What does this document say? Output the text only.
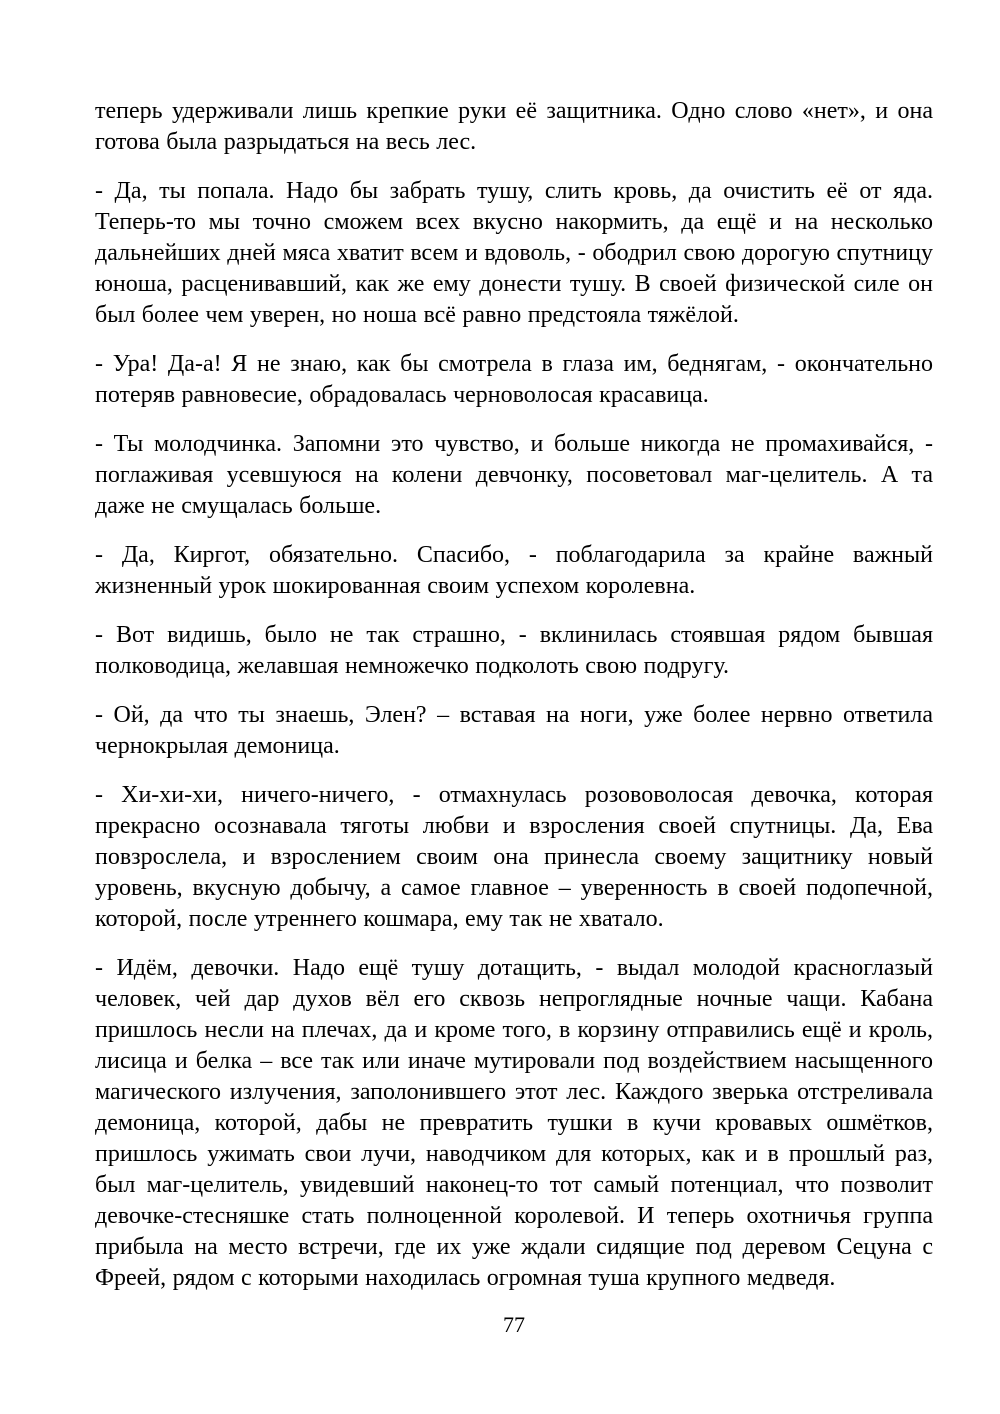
теперь удерживали лишь крепкие руки её защитника. Одно слово «нет», и она готова была разрыдаться на весь лес.

- Да, ты попала. Надо бы забрать тушу, слить кровь, да очистить её от яда. Теперь-то мы точно сможем всех вкусно накормить, да ещё и на несколько дальнейших дней мяса хватит всем и вдоволь, - ободрил свою дорогую спутницу юноша, расценивавший, как же ему донести тушу. В своей физической силе он был более чем уверен, но ноша всё равно предстояла тяжёлой.

- Ура! Да-а! Я не знаю, как бы смотрела в глаза им, беднягам, - окончательно потеряв равновесие, обрадовалась черноволосая красавица.

- Ты молодчинка. Запомни это чувство, и больше никогда не промахивайся, - поглаживая усевшуюся на колени девчонку, посоветовал маг-целитель. А та даже не смущалась больше.

- Да, Киргот, обязательно. Спасибо, - поблагодарила за крайне важный жизненный урок шокированная своим успехом королевна.

- Вот видишь, было не так страшно, - вклинилась стоявшая рядом бывшая полководица, желавшая немножечко подколоть свою подругу.

- Ой, да что ты знаешь, Элен? – вставая на ноги, уже более нервно ответила чернокрылая демоница.

- Хи-хи-хи, ничего-ничего, - отмахнулась розововолосая девочка, которая прекрасно осознавала тяготы любви и взросления своей спутницы. Да, Ева повзрослела, и взрослением своим она принесла своему защитнику новый уровень, вкусную добычу, а самое главное – уверенность в своей подопечной, которой, после утреннего кошмара, ему так не хватало.

- Идём, девочки. Надо ещё тушу дотащить, - выдал молодой красноглазый человек, чей дар духов вёл его сквозь непроглядные ночные чащи. Кабана пришлось несли на плечах, да и кроме того, в корзину отправились ещё и кроль, лисица и белка – все так или иначе мутировали под воздействием насыщенного магического излучения, заполонившего этот лес. Каждого зверька отстреливала демоница, которой, дабы не превратить тушки в кучи кровавых ошмётков, пришлось ужимать свои лучи, наводчиком для которых, как и в прошлый раз, был маг-целитель, увидевший наконец-то тот самый потенциал, что позволит девочке-стесняшке стать полноценной королевой. И теперь охотничья группа прибыла на место встречи, где их уже ждали сидящие под деревом Сецуна с Фреей, рядом с которыми находилась огромная туша крупного медведя.

77
